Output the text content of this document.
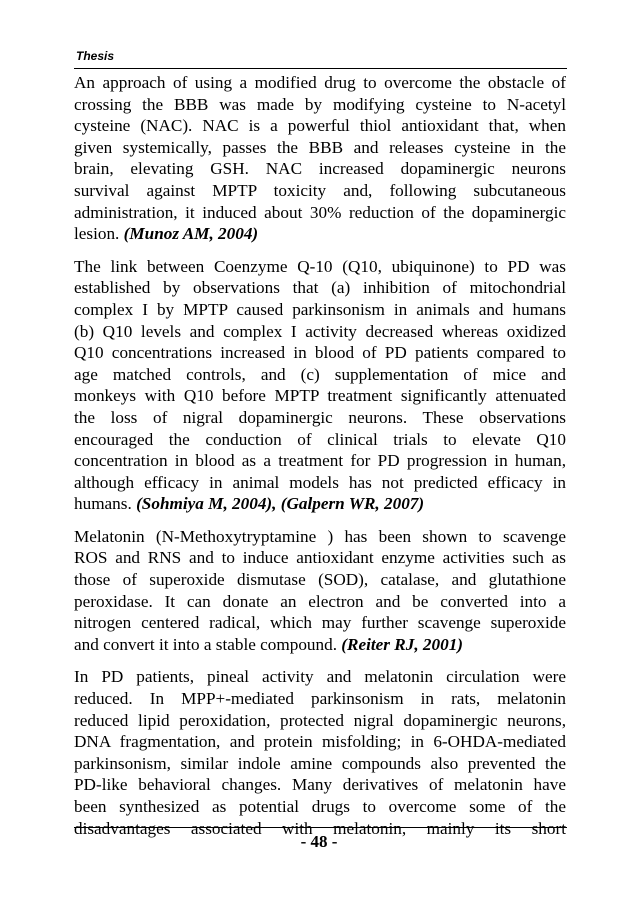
Thesis

An approach of using a modified drug to overcome the obstacle of
crossing the BBB was made by modifying cysteine to N-acetyl
cysteine (NAC). NAC is a powerful thiol antioxidant that, when
given systemically, passes the BBB and releases cysteine in the
brain, elevating GSH. NAC increased dopaminergic neurons
survival against MPTP toxicity and, following subcutaneous
administration, it induced about 30% reduction of the dopaminergic
lesion. (Munoz AM, 2004)

The link between Coenzyme Q-10 (Q10, ubiquinone) to PD was
established by observations that (a) inhibition of mitochondrial
complex I by MPTP caused parkinsonism in animals and humans
(b) Q10 levels and complex I activity decreased whereas oxidized
Q10 concentrations increased in blood of PD patients compared to
age matched controls, and (c) supplementation of mice and
monkeys with Q10 before MPTP treatment significantly attenuated
the loss of nigral dopaminergic neurons. These observations
encouraged the conduction of clinical trials to elevate Q10
concentration in blood as a treatment for PD progression in human,
although efficacy in animal models has not predicted efficacy in
humans. (Sohmiya M, 2004), (Galpern WR, 2007)

Melatonin (N-Methoxytryptamine ) has been shown to scavenge
ROS and RNS and to induce antioxidant enzyme activities such as
those of superoxide dismutase (SOD), catalase, and glutathione
peroxidase. It can donate an electron and be converted into a
nitrogen centered radical, which may further scavenge superoxide
and convert it into a stable compound. (Reiter RJ, 2001)

In PD patients, pineal activity and melatonin circulation were
reduced. In MPP+-mediated parkinsonism in rats, melatonin
reduced lipid peroxidation, protected nigral dopaminergic neurons,
DNA fragmentation, and protein misfolding; in 6-OHDA-mediated
parkinsonism, similar indole amine compounds also prevented the
PD-like behavioral changes. Many derivatives of melatonin have
been synthesized as potential drugs to overcome some of the
disadvantages associated with melatonin, mainly its short

- 48 -
